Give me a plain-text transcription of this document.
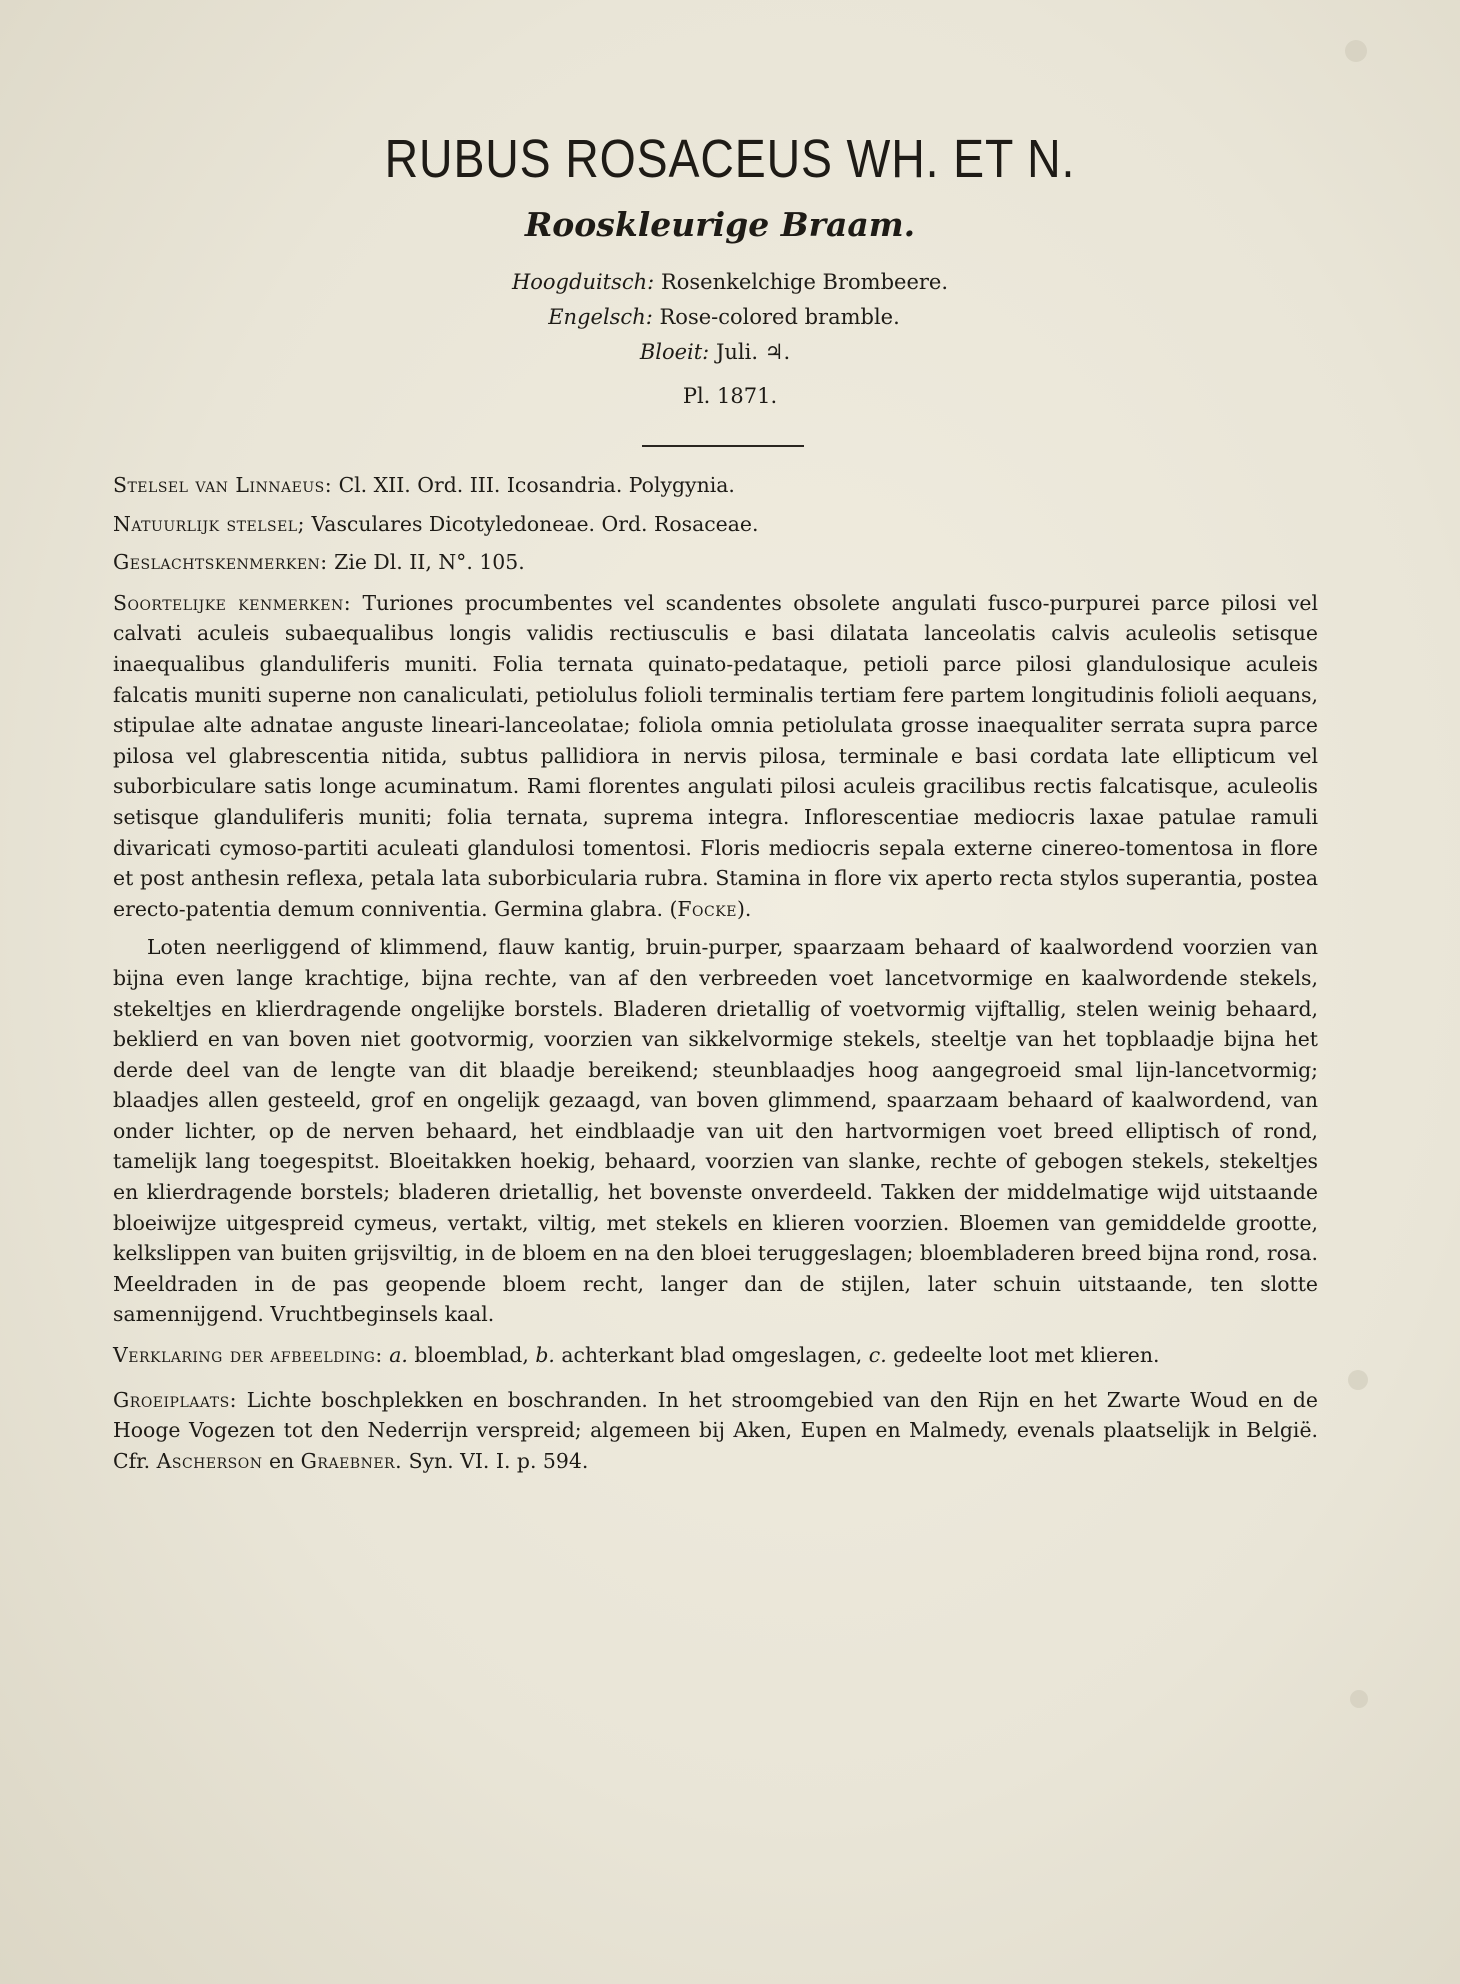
RUBUS ROSACEUS WH. ET N.
Rooskleurige Braam.
Hoogduitsch: Rosenkelchige Brombeere.
Engelsch: Rose-colored bramble.
Bloeit: Juli. ♃.
Pl. 1871.

Stelsel van Linnaeus: Cl. XII. Ord. III. Icosandria. Polygynia.

Natuurlijk stelsel; Vasculares Dicotyledoneae. Ord. Rosaceae.

Geslachtskenmerken: Zie Dl. II, N°. 105.

Soortelijke kenmerken: Turiones procumbentes vel scandentes obsolete angulati fusco-purpurei parce pilosi vel calvati aculeis subaequalibus longis validis rectiusculis e basi dilatata lanceolatis calvis aculeolis setisque inaequalibus glanduliferis muniti. Folia ternata quinato-pedataque, petioli parce pilosi glandulosique aculeis falcatis muniti superne non canaliculati, petiolulus folioli terminalis tertiam fere partem longitudinis folioli aequans, stipulae alte adnatae anguste lineari-lanceolatae; foliola omnia petiolulata grosse inaequaliter serrata supra parce pilosa vel glabrescentia nitida, subtus pallidiora in nervis pilosa, terminale e basi cordata late ellipticum vel suborbiculare satis longe acuminatum. Rami florentes angulati pilosi aculeis gracilibus rectis falcatisque, aculeolis setisque glanduliferis muniti; folia ternata, suprema integra. Inflorescentiae mediocris laxae patulae ramuli divaricati cymoso-partiti aculeati glandulosi tomentosi. Floris mediocris sepala externe cinereo-tomentosa in flore et post anthesin reflexa, petala lata suborbicularia rubra. Stamina in flore vix aperto recta stylos superantia, postea erecto-patentia demum conniventia. Germina glabra. (Focke).

Loten neerliggend of klimmend, flauw kantig, bruin-purper, spaarzaam behaard of kaalwordend voorzien van bijna even lange krachtige, bijna rechte, van af den verbreeden voet lancetvormige en kaalwordende stekels, stekeltjes en klierdragende ongelijke borstels. Bladeren drietallig of voetvormig vijftallig, stelen weinig behaard, beklierd en van boven niet gootvormig, voorzien van sikkelvormige stekels, steeltje van het topblaadje bijna het derde deel van de lengte van dit blaadje bereikend; steunblaadjes hoog aangegroeid smal lijn-lancetvormig; blaadjes allen gesteeld, grof en ongelijk gezaagd, van boven glimmend, spaarzaam behaard of kaalwordend, van onder lichter, op de nerven behaard, het eindblaadje van uit den hartvormigen voet breed elliptisch of rond, tamelijk lang toegespitst. Bloeitakken hoekig, behaard, voorzien van slanke, rechte of gebogen stekels, stekeltjes en klierdragende borstels; bladeren drietallig, het bovenste onverdeeld. Takken der middelmatige wijd uitstaande bloeiwijze uitgespreid cymeus, vertakt, viltig, met stekels en klieren voorzien. Bloemen van gemiddelde grootte, kelkslippen van buiten grijsviltig, in de bloem en na den bloei teruggeslagen; bloembladeren breed bijna rond, rosa. Meeldraden in de pas geopende bloem recht, langer dan de stijlen, later schuin uitstaande, ten slotte samennijgend. Vruchtbeginsels kaal.

Verklaring der afbeelding: a. bloemblad, b. achterkant blad omgeslagen, c. gedeelte loot met klieren.

Groeiplaats: Lichte boschplekken en boschranden. In het stroomgebied van den Rijn en het Zwarte Woud en de Hooge Vogezen tot den Nederrijn verspreid; algemeen bij Aken, Eupen en Malmedy, evenals plaatselijk in België. Cfr. Ascherson en Graebner. Syn. VI. I. p. 594.
